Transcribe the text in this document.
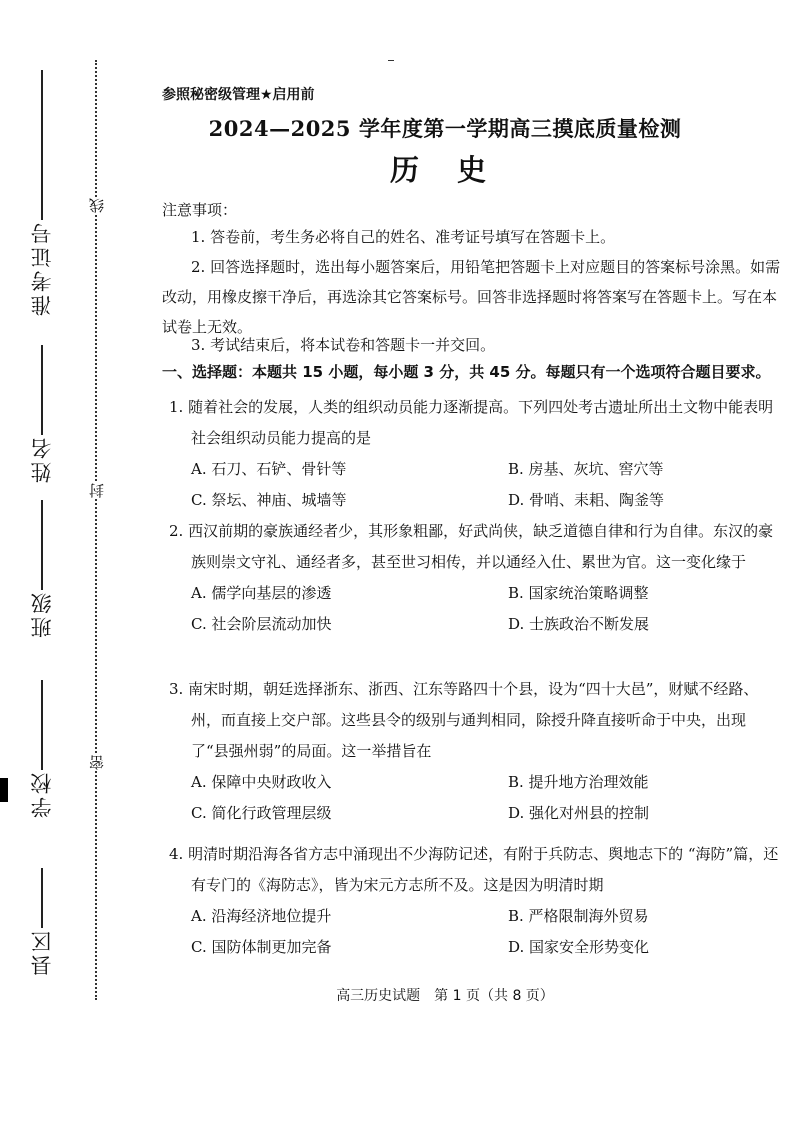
准考证号
姓名
班级
学校
县区
线
封
密
参照秘密级管理★启用前
2024—2025 学年度第一学期高三摸底质量检测
历 史
注意事项：
1. 答卷前，考生务必将自己的姓名、准考证号填写在答题卡上。
2. 回答选择题时，选出每小题答案后，用铅笔把答题卡上对应题目的答案标号涂黑。如需改动，用橡皮擦干净后，再选涂其它答案标号。回答非选择题时将答案写在答题卡上。写在本试卷上无效。
3. 考试结束后，将本试卷和答题卡一并交回。
一、选择题：本题共 15 小题，每小题 3 分，共 45 分。每题只有一个选项符合题目要求。
1. 随着社会的发展，人类的组织动员能力逐渐提高。下列四处考古遗址所出土文物中能表明社会组织动员能力提高的是
A. 石刀、石铲、骨针等	B. 房基、灰坑、窖穴等
C. 祭坛、神庙、城墙等	D. 骨哨、耒耜、陶釜等
2. 西汉前期的豪族通经者少，其形象粗鄙，好武尚侠，缺乏道德自律和行为自律。东汉的豪族则崇文守礼、通经者多，甚至世习相传，并以通经入仕、累世为官。这一变化缘于
A. 儒学向基层的渗透	B. 国家统治策略调整
C. 社会阶层流动加快	D. 士族政治不断发展
3. 南宋时期，朝廷选择浙东、浙西、江东等路四十个县，设为“四十大邑”，财赋不经路、州，而直接上交户部。这些县令的级别与通判相同，除授升降直接听命于中央，出现了“县强州弱”的局面。这一举措旨在
A. 保障中央财政收入	B. 提升地方治理效能
C. 简化行政管理层级	D. 强化对州县的控制
4. 明清时期沿海各省方志中涌现出不少海防记述，有附于兵防志、舆地志下的 “海防”篇，还有专门的《海防志》，皆为宋元方志所不及。这是因为明清时期
A. 沿海经济地位提升	B. 严格限制海外贸易
C. 国防体制更加完备	D. 国家安全形势变化
高三历史试题　第 1 页（共 8 页）
